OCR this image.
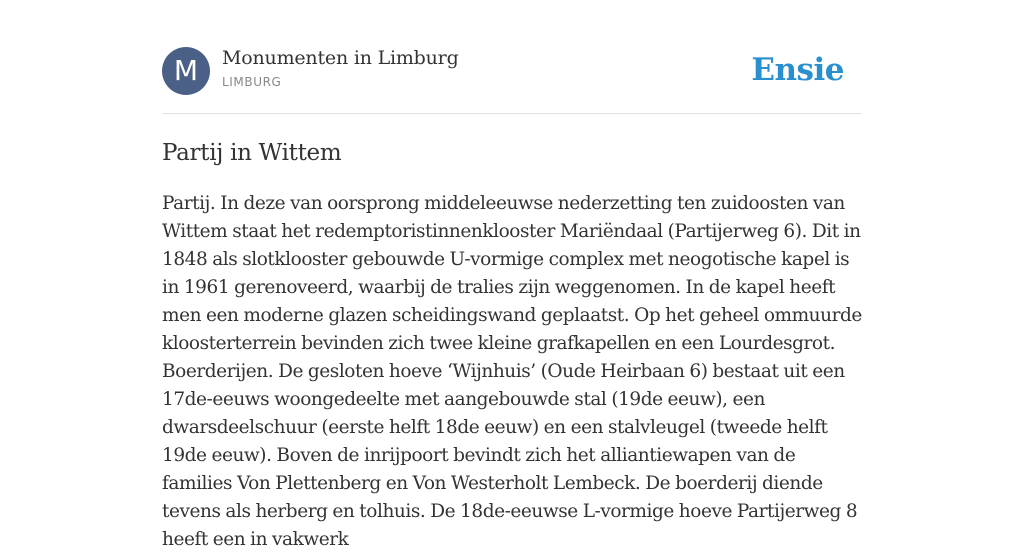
M	Monumenten in Limburg
LIMBURG	Ensie
Partij in Wittem

Partij. In deze van oorsprong middeleeuwse nederzetting ten zuidoosten van Wittem staat het redemptoristinnenklooster Mariëndaal (Partijerweg 6). Dit in 1848 als slotklooster gebouwde U-vormige complex met neogotische kapel is in 1961 gerenoveerd, waarbij de tralies zijn weggenomen. In de kapel heeft men een moderne glazen scheidingswand geplaatst. Op het geheel ommuurde kloosterterrein bevinden zich twee kleine grafkapellen en een Lourdesgrot. Boerderijen. De gesloten hoeve ‘Wijnhuis’ (Oude Heirbaan 6) bestaat uit een 17de-eeuws woongedeelte met aangebouwde stal (19de eeuw), een dwarsdeelschuur (eerste helft 18de eeuw) en een stalvleugel (tweede helft 19de eeuw). Boven de inrijpoort bevindt zich het alliantiewapen van de families Von Plettenberg en Von Westerholt Lembeck. De boerderij diende tevens als herberg en tolhuis. De 18de-eeuwse L-vormige hoeve Partijerweg 8 heeft een in vakwerk
